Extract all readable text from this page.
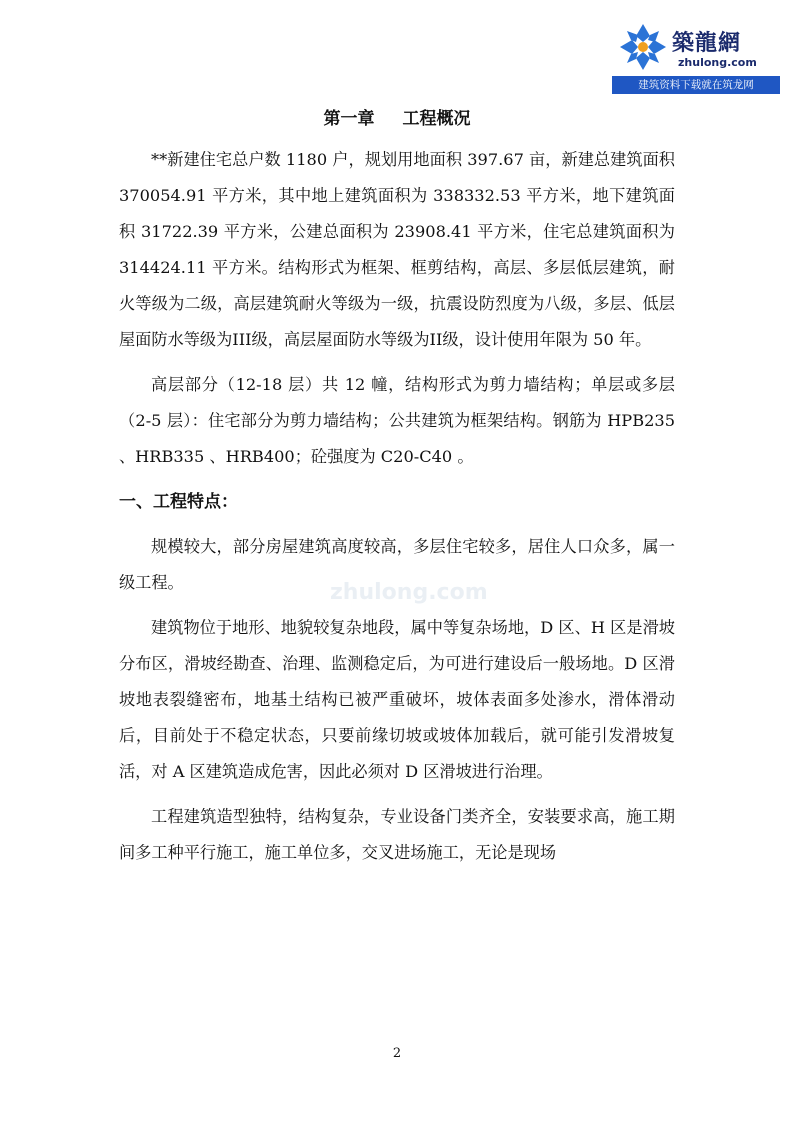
築龍網
zhulong.com
建筑资料下载就在筑龙网
zhulong.com
第一章 工程概况

**新建住宅总户数 1180 户，规划用地面积 397.67 亩，新建总建筑面积 370054.91 平方米，其中地上建筑面积为 338332.53 平方米，地下建筑面积 31722.39 平方米，公建总面积为 23908.41 平方米，住宅总建筑面积为 314424.11 平方米。结构形式为框架、框剪结构，高层、多层低层建筑，耐火等级为二级，高层建筑耐火等级为一级，抗震设防烈度为八级，多层、低层屋面防水等级为III级，高层屋面防水等级为II级，设计使用年限为 50 年。

高层部分（12-18 层）共 12 幢，结构形式为剪力墙结构；单层或多层（2-5 层）：住宅部分为剪力墙结构；公共建筑为框架结构。钢筋为 HPB235 、HRB335 、HRB400；砼强度为 C20-C40 。

一、工程特点：

规模较大，部分房屋建筑高度较高，多层住宅较多，居住人口众多，属一级工程。

建筑物位于地形、地貌较复杂地段，属中等复杂场地，D 区、H 区是滑坡分布区，滑坡经勘查、治理、监测稳定后，为可进行建设后一般场地。D 区滑坡地表裂缝密布，地基土结构已被严重破坏，坡体表面多处渗水，滑体滑动后，目前处于不稳定状态，只要前缘切坡或坡体加载后，就可能引发滑坡复活，对 A 区建筑造成危害，因此必须对 D 区滑坡进行治理。

工程建筑造型独特，结构复杂，专业设备门类齐全，安装要求高，施工期间多工种平行施工，施工单位多，交叉进场施工，无论是现场

2
